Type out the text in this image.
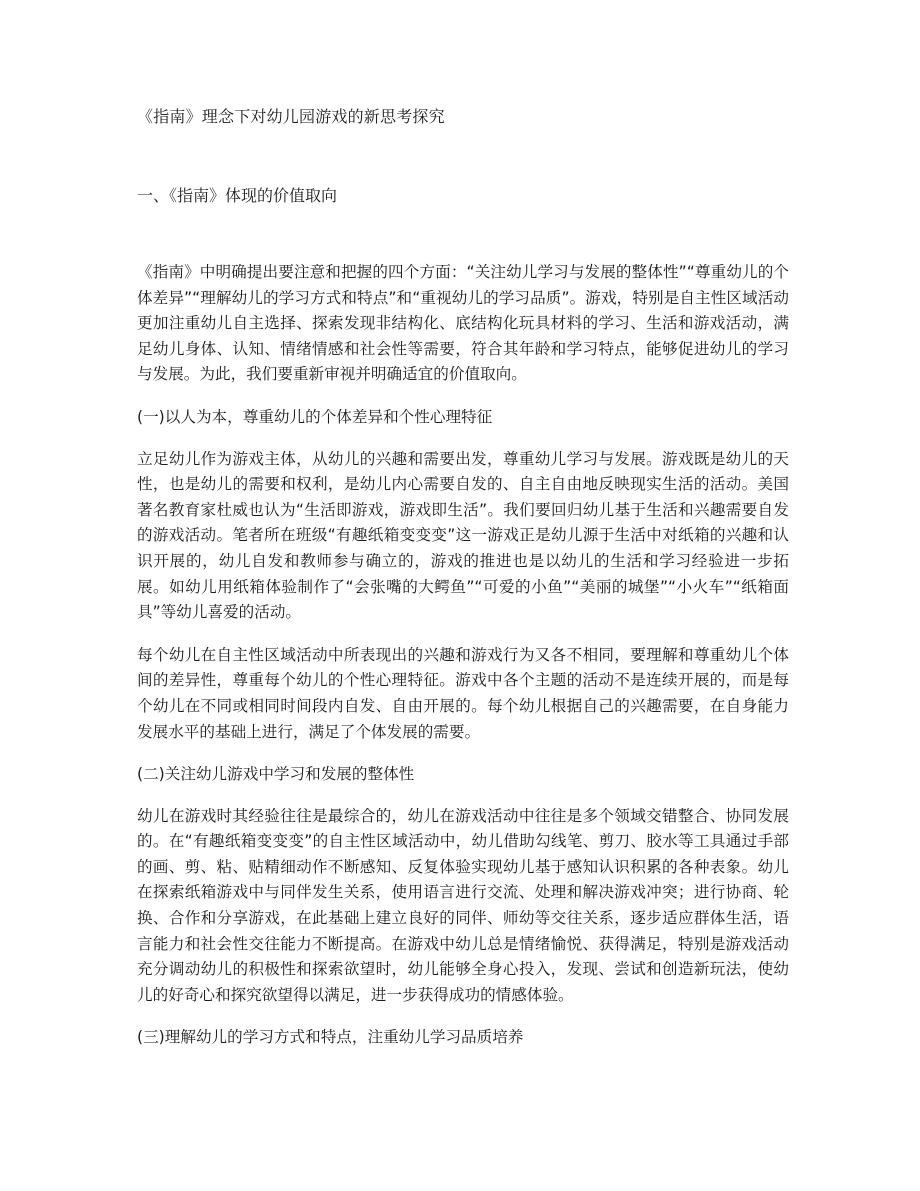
《指南》理念下对幼儿园游戏的新思考探究
一、《指南》体现的价值取向

《指南》中明确提出要注意和把握的四个方面：“关注幼儿学习与发展的整体性”“尊重幼儿的个体差异”“理解幼儿的学习方式和特点”和“重视幼儿的学习品质”。游戏，特别是自主性区域活动更加注重幼儿自主选择、探索发现非结构化、底结构化玩具材料的学习、生活和游戏活动，满足幼儿身体、认知、情绪情感和社会性等需要，符合其年龄和学习特点，能够促进幼儿的学习与发展。为此，我们要重新审视并明确适宜的价值取向。

(一)以人为本，尊重幼儿的个体差异和个性心理特征

立足幼儿作为游戏主体，从幼儿的兴趣和需要出发，尊重幼儿学习与发展。游戏既是幼儿的天性，也是幼儿的需要和权利，是幼儿内心需要自发的、自主自由地反映现实生活的活动。美国著名教育家杜威也认为“生活即游戏，游戏即生活”。我们要回归幼儿基于生活和兴趣需要自发的游戏活动。笔者所在班级“有趣纸箱变变变”这一游戏正是幼儿源于生活中对纸箱的兴趣和认识开展的，幼儿自发和教师参与确立的，游戏的推进也是以幼儿的生活和学习经验进一步拓展。如幼儿用纸箱体验制作了“会张嘴的大鳄鱼”“可爱的小鱼”“美丽的城堡”“小火车”“纸箱面具”等幼儿喜爱的活动。

每个幼儿在自主性区域活动中所表现出的兴趣和游戏行为又各不相同，要理解和尊重幼儿个体间的差异性，尊重每个幼儿的个性心理特征。游戏中各个主题的活动不是连续开展的，而是每个幼儿在不同或相同时间段内自发、自由开展的。每个幼儿根据自己的兴趣需要，在自身能力发展水平的基础上进行，满足了个体发展的需要。

(二)关注幼儿游戏中学习和发展的整体性

幼儿在游戏时其经验往往是最综合的，幼儿在游戏活动中往往是多个领域交错整合、协同发展的。在“有趣纸箱变变变”的自主性区域活动中，幼儿借助勾线笔、剪刀、胶水等工具通过手部的画、剪、粘、贴精细动作不断感知、反复体验实现幼儿基于感知认识积累的各种表象。幼儿在探索纸箱游戏中与同伴发生关系，使用语言进行交流、处理和解决游戏冲突；进行协商、轮换、合作和分享游戏，在此基础上建立良好的同伴、师幼等交往关系，逐步适应群体生活，语言能力和社会性交往能力不断提高。在游戏中幼儿总是情绪愉悦、获得满足，特别是游戏活动充分调动幼儿的积极性和探索欲望时，幼儿能够全身心投入，发现、尝试和创造新玩法，使幼儿的好奇心和探究欲望得以满足，进一步获得成功的情感体验。

(三)理解幼儿的学习方式和特点，注重幼儿学习品质培养
